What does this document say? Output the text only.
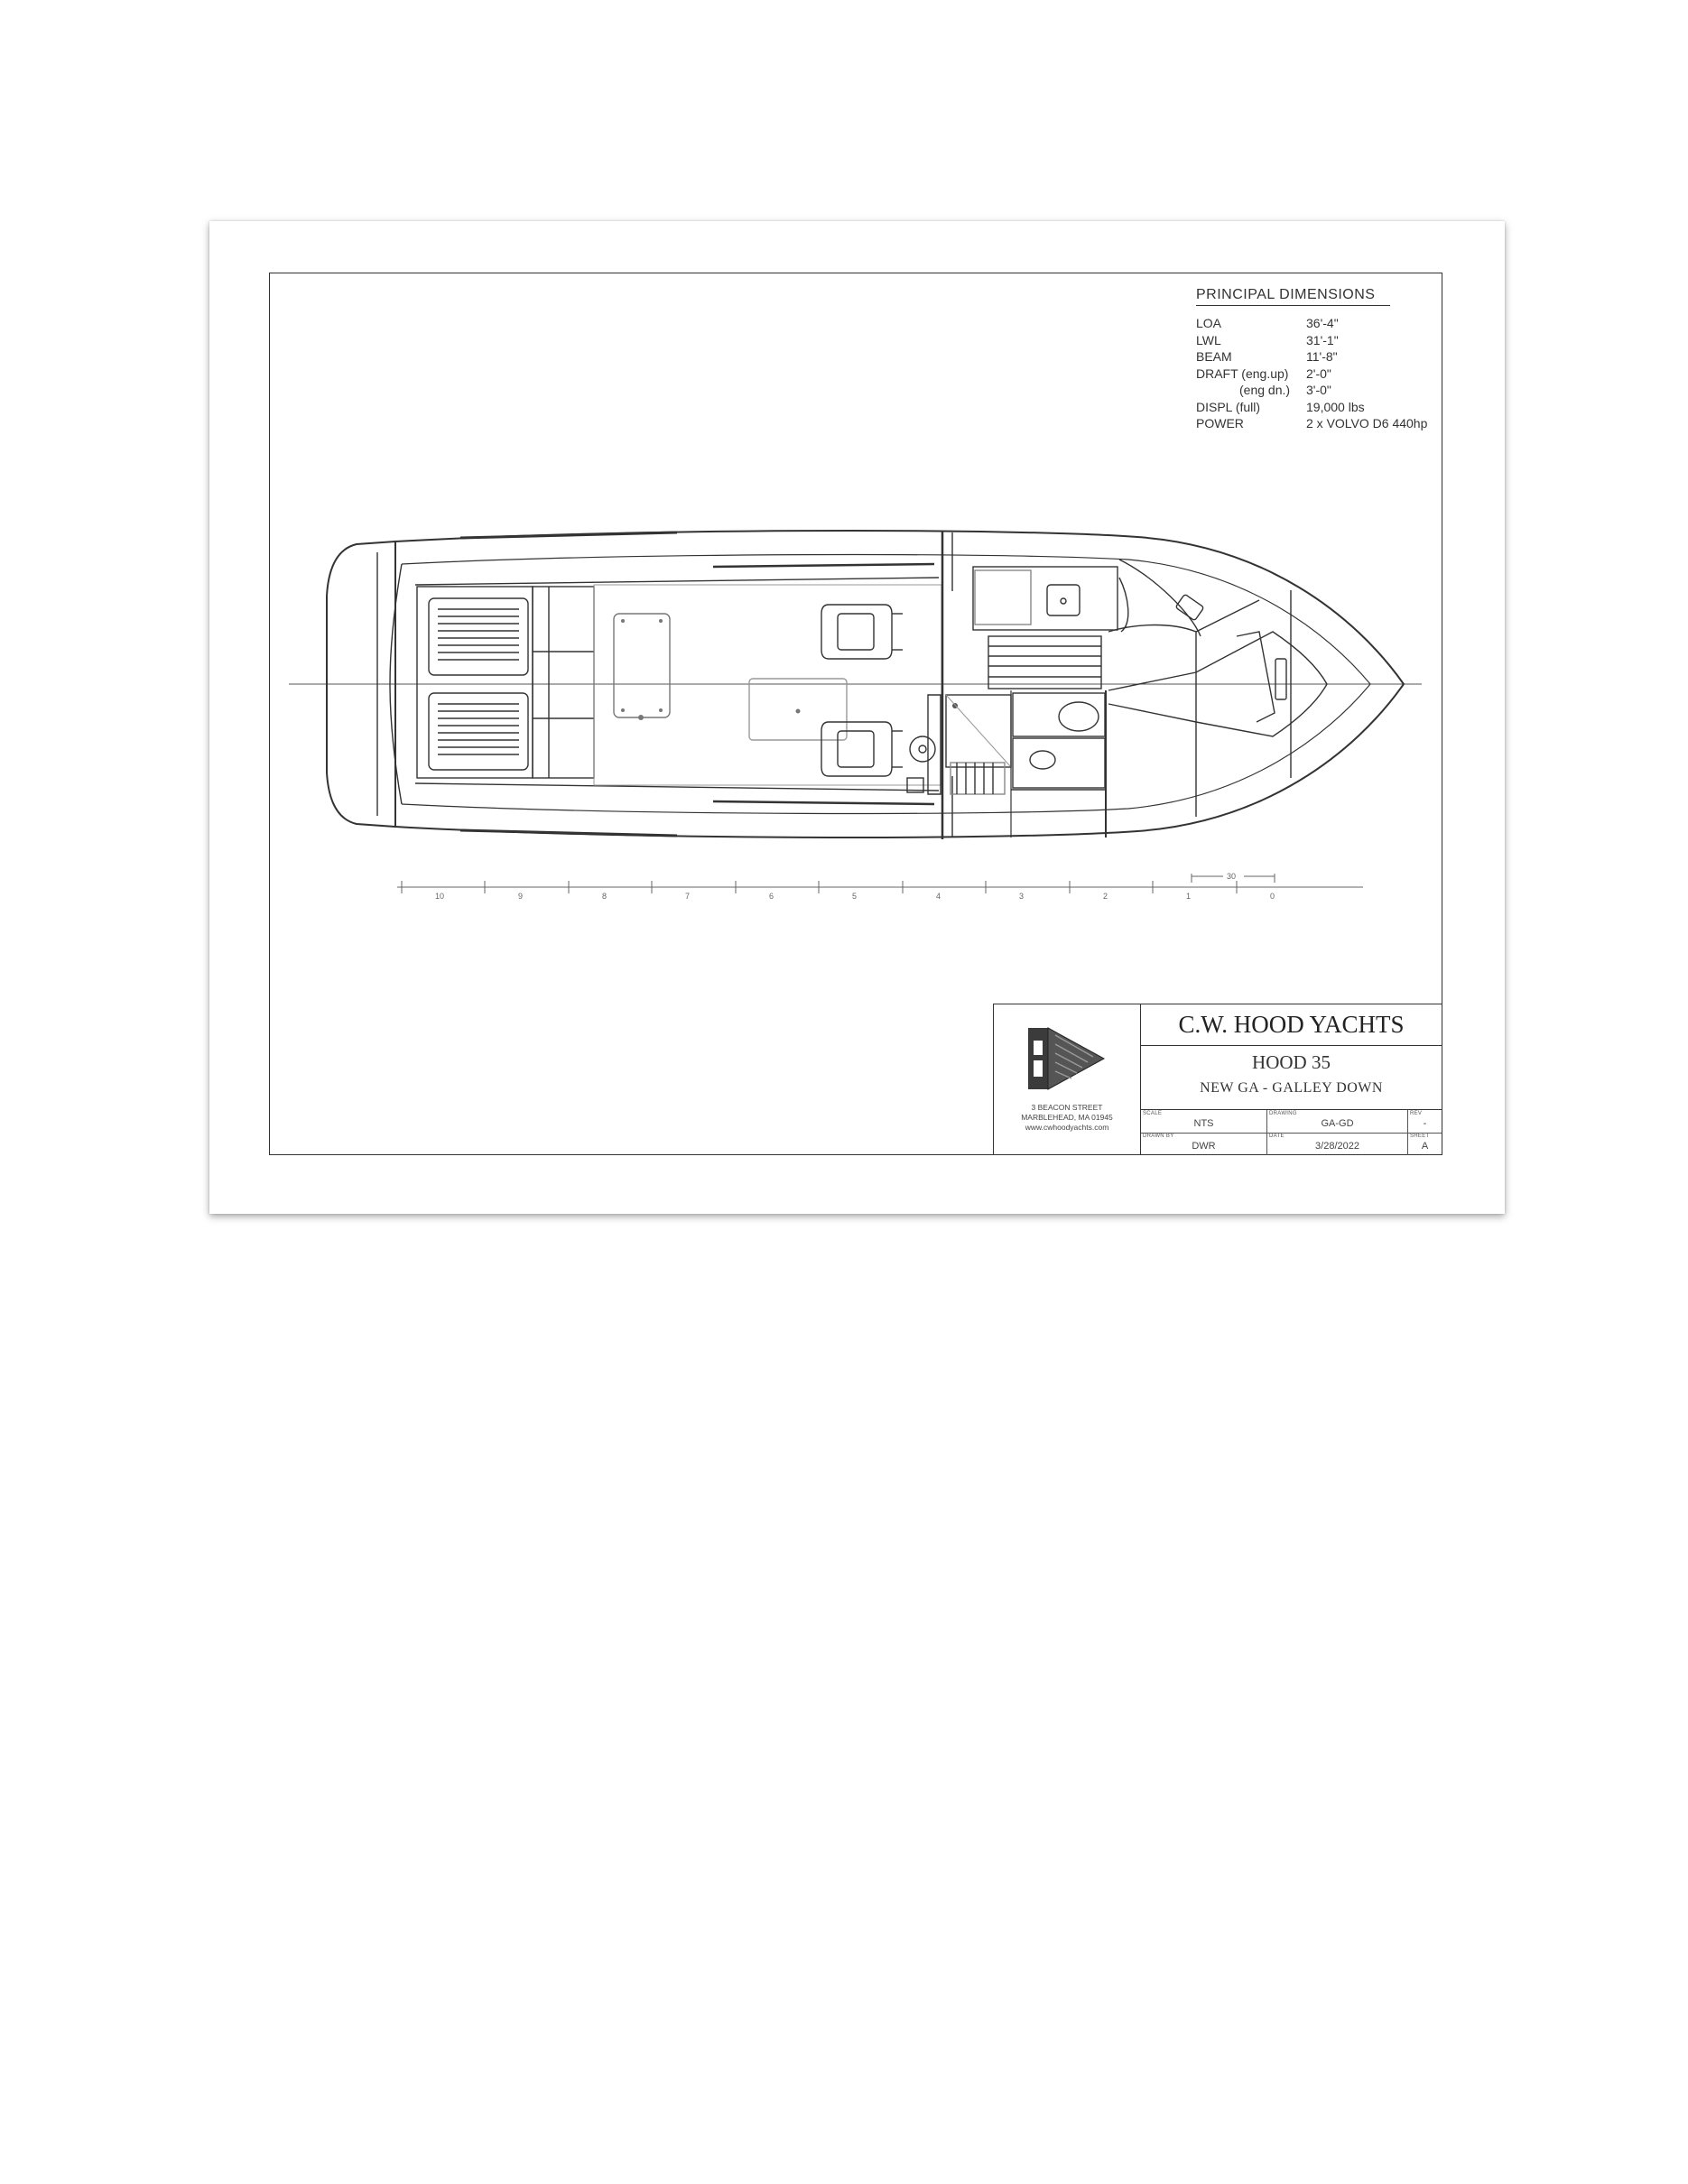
PRINCIPAL DIMENSIONS
LOA	36'-4"
LWL	31'-1"
BEAM	11'-8"
DRAFT (eng.up)	2'-0"
(eng dn.)	3'-0"
DISPL (full)	19,000 lbs
POWER	2 x VOLVO D6 440hp
10	9	8	7	6	5	4	3	2	1	0
30
3 BEACON STREET
MARBLEHEAD, MA 01945
www.cwhoodyachts.com
C.W. HOOD YACHTS
HOOD 35
NEW GA - GALLEY DOWN
SCALE
NTS
DRAWING
GA-GD
REV
-
DRAWN BY
DWR
DATE
3/28/2022
SHEET
A
